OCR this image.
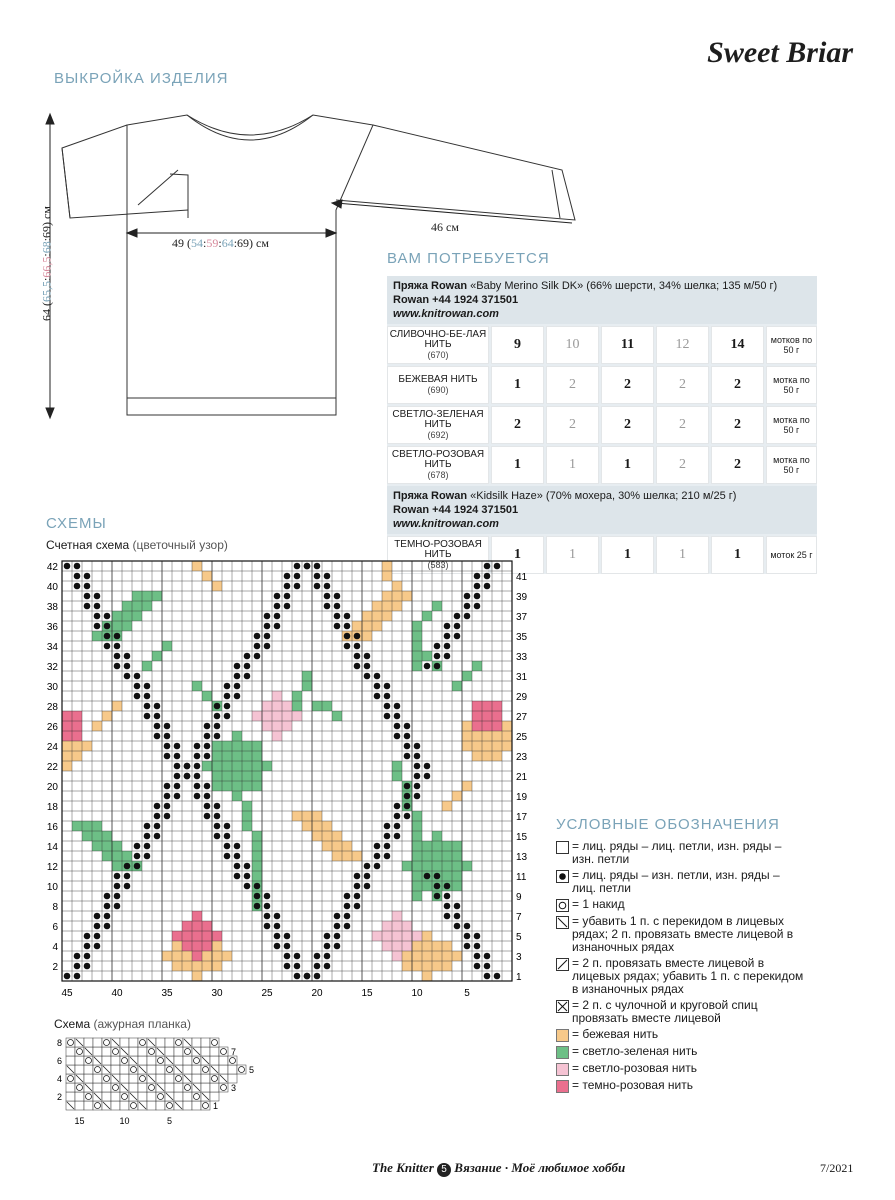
Sweet Briar
ВЫКРОЙКА ИЗДЕЛИЯ
64 (65,5:66,5:68:69) см	46 см
49 (54:59:64:69) см
ВАМ ПОТРЕБУЕТСЯ
Пряжа Rowan «Baby Merino Silk DK» (66% шерсти, 34% шелка; 135 м/50 г)
Rowan +44 1924 371501
www.knitrowan.com
СЛИВОЧНО-БЕ-ЛАЯ НИТЬ
(670)
9	10	11	12	14	мотков по 50 г
БЕЖЕВАЯ НИТЬ
(690)	1	2	2	2	2	мотка по 50 г
СВЕТЛО-ЗЕЛЕНАЯ НИТЬ
(692)
2	2	2	2	2	мотка по 50 г
СВЕТЛО-РОЗОВАЯ НИТЬ
(678)
1	1	1	2	2	мотка по 50 г
Пряжа Rowan «Kidsilk Haze» (70% мохера, 30% шелка; 210 м/25 г)
Rowan +44 1924 371501
www.knitrowan.com
ТЕМНО-РОЗОВАЯ НИТЬ
(583)
1	1	1	1	1	моток 25 г
СХЕМЫ
Счетная схема (цветочный узор)
42
40
38
36
34
32
30
28
26
24
22
20
18
16
14
12
10
8
6
4
2
41
39
37
35
33
31
29
27
25
23
21
19
17
15
13
11
9
7
5
3
1
45	40	35	30	25	20	15	10	5
Схема (ажурная планка)
8
6
4
2
7
5
3
1
15	10	5
УСЛОВНЫЕ ОБОЗНАЧЕНИЯ
= лиц. ряды – лиц. петли, изн. ряды – изн. петли
= лиц. ряды – изн. петли, изн. ряды – лиц. петли
= 1 накид
= убавить 1 п. с перекидом в лицевых рядах; 2 п. провязать вместе лицевой в изнаночных рядах
= 2 п. провязать вместе лицевой в лицевых рядах; убавить 1 п. с перекидом в изнаночных рядах
= 2 п. с чулочной и круговой спиц провязать вместе лицевой
= бежевая нить
= светло-зеленая нить
= светло-розовая нить
= темно-розовая нить
The Knitter 5 Вязание · Моё любимое хобби	7/2021
